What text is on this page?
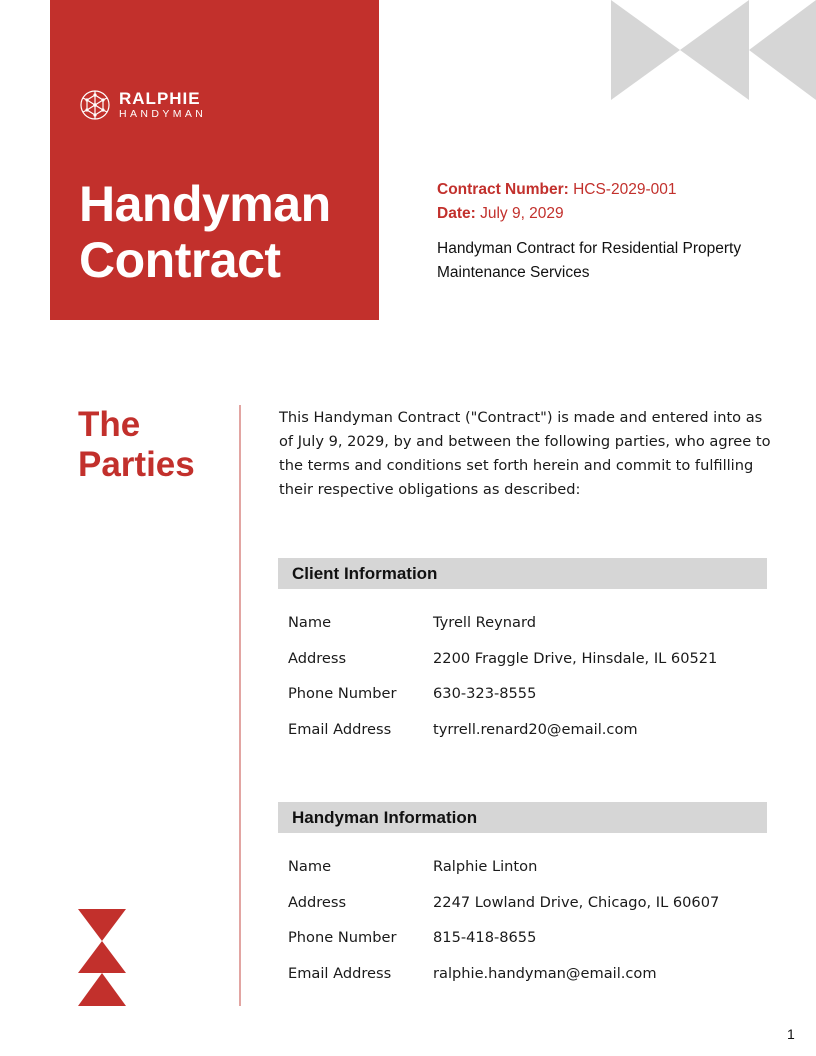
RALPHIE
HANDYMAN
Handyman
Contract
Contract Number: HCS-2029-001
Date: July 9, 2029
Handyman Contract for Residential Property
Maintenance Services
The
Parties

This Handyman Contract ("Contract") is made and entered into as of July 9, 2029, by and between the following parties, who agree to the terms and conditions set forth herein and commit to fulfilling their respective obligations as described:

Client Information
Name	Tyrell Reynard
Address	2200 Fraggle Drive, Hinsdale, IL 60521
Phone Number	630-323-8555
Email Address	tyrrell.renard20@email.com
Handyman Information
Name	Ralphie Linton
Address	2247 Lowland Drive, Chicago, IL 60607
Phone Number	815-418-8655
Email Address	ralphie.handyman@email.com
1
